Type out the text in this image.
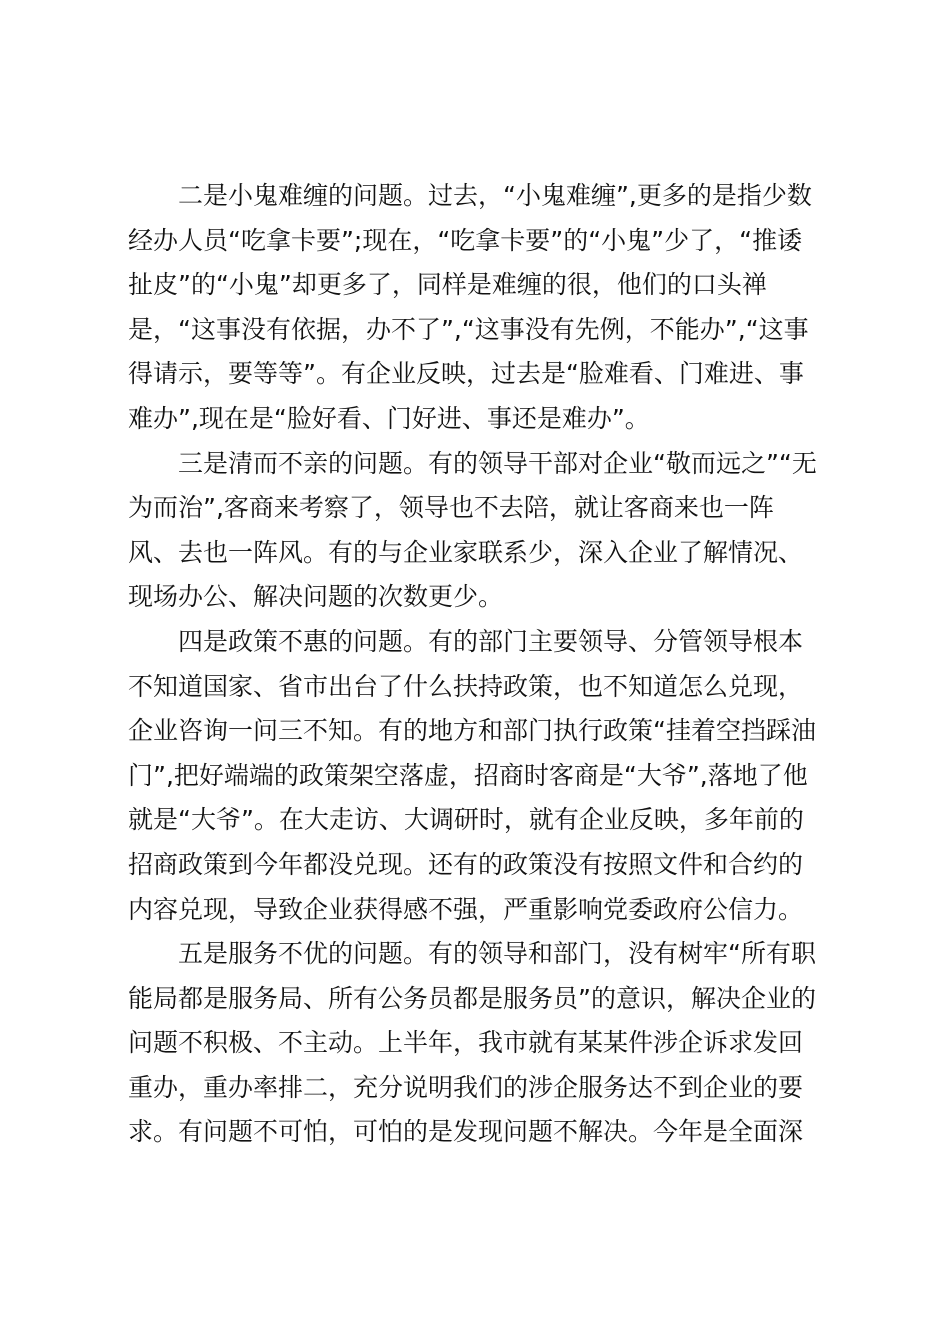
二是小鬼难缠的问题。过去，“小鬼难缠”,更多的是指少数
经办人员“吃拿卡要”;现在，“吃拿卡要”的“小鬼”少了，“推诿
扯皮”的“小鬼”却更多了，同样是难缠的很，他们的口头禅
是，“这事没有依据，办不了”,“这事没有先例，不能办”,“这事
得请示，要等等”。有企业反映，过去是“脸难看、门难进、事
难办”,现在是“脸好看、门好进、事还是难办”。
三是清而不亲的问题。有的领导干部对企业“敬而远之”“无
为而治”,客商来考察了，领导也不去陪，就让客商来也一阵
风、去也一阵风。有的与企业家联系少，深入企业了解情况、
现场办公、解决问题的次数更少。
四是政策不惠的问题。有的部门主要领导、分管领导根本
不知道国家、省市出台了什么扶持政策，也不知道怎么兑现，
企业咨询一问三不知。有的地方和部门执行政策“挂着空挡踩油
门”,把好端端的政策架空落虚，招商时客商是“大爷”,落地了他
就是“大爷”。在大走访、大调研时，就有企业反映，多年前的
招商政策到今年都没兑现。还有的政策没有按照文件和合约的
内容兑现，导致企业获得感不强，严重影响党委政府公信力。
五是服务不优的问题。有的领导和部门，没有树牢“所有职
能局都是服务局、所有公务员都是服务员”的意识，解决企业的
问题不积极、不主动。上半年，我市就有某某件涉企诉求发回
重办，重办率排二，充分说明我们的涉企服务达不到企业的要
求。有问题不可怕，可怕的是发现问题不解决。今年是全面深
